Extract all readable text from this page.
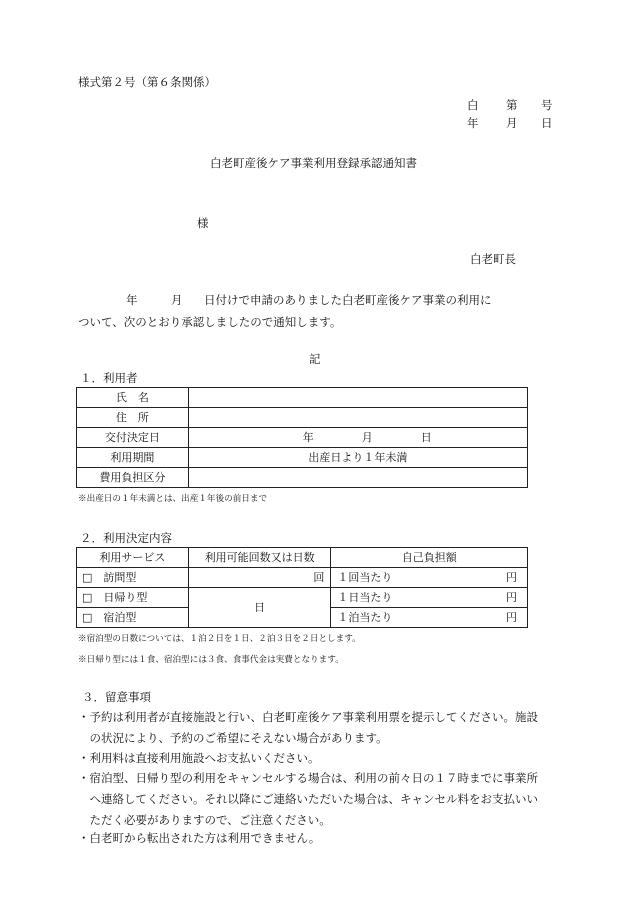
様式第２号（第６条関係）
白 第 号
年 月 日
白老町産後ケア事業利用登録承認通知書
様
白老町長
年	月 日付けで申請のありました白老町産後ケア事業の利用に
ついて、次のとおり承認しましたので通知します。
記
１．利用者
氏　名	
住　所	
交付決定日	年 月 日

利用期間	出産日より１年未満
費用負担区分	
※出産日の１年未満とは、出産１年後の前日まで
２．利用決定内容
利用サービス	利用可能回数又は日数	自己負担額
□　訪問型	回	１回当たり 円

□　日帰り型	日	１日当たり 円

□　宿泊型		１泊当たり 円
※宿泊型の日数については、１泊２日を１日、２泊３日を２日とします。
※日帰り型には１食、宿泊型には３食、食事代金は実費となります。
３．留意事項
・予約は利用者が直接施設と行い、白老町産後ケア事業利用票を提示してください。施設
　の状況により、予約のご希望にそえない場合があります。
・利用料は直接利用施設へお支払いください。
・宿泊型、日帰り型の利用をキャンセルする場合は、利用の前々日の１７時までに事業所
　へ連絡してください。それ以降にご連絡いただいた場合は、キャンセル料をお支払いい
　ただく必要がありますので、ご注意ください。
・白老町から転出された方は利用できません。
